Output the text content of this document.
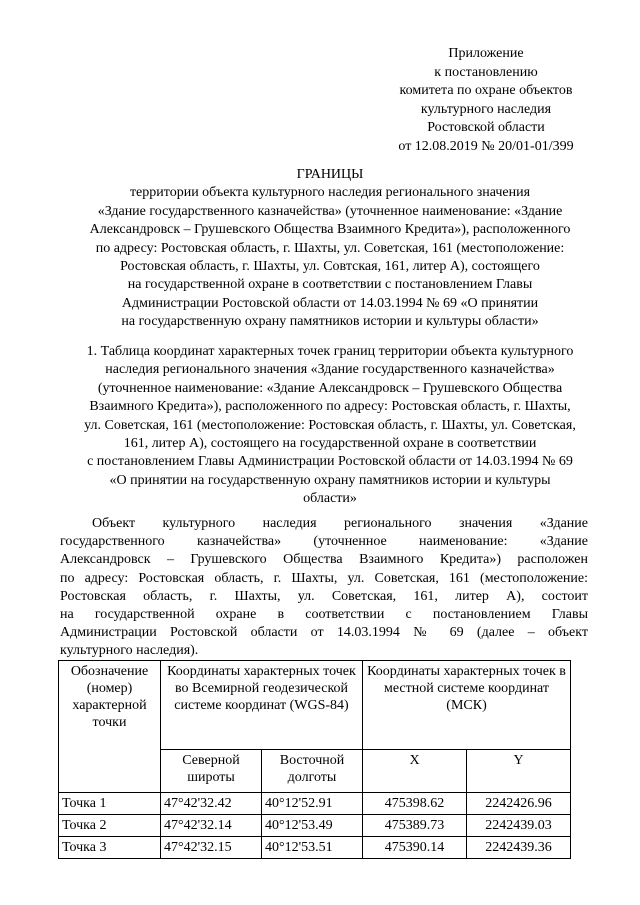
Приложение
к постановлению
комитета по охране объектов
культурного наследия
Ростовской области
от 12.08.2019 № 20/01-01/399
ГРАНИЦЫ
территории объекта культурного наследия регионального значения
«Здание государственного казначейства» (уточненное наименование: «Здание
Александровск – Грушевского Общества Взаимного Кредита»), расположенного
по адресу: Ростовская область, г. Шахты, ул. Советская, 161 (местоположение:
Ростовская область, г. Шахты, ул. Совтская, 161, литер А), состоящего
на государственной охране в соответствии с постановлением Главы
Администрации Ростовской области от 14.03.1994 № 69 «О принятии
на государственную охрану памятников истории и культуры области»
1. Таблица координат характерных точек границ территории объекта культурного
наследия регионального значения «Здание государственного казначейства»
(уточненное наименование: «Здание Александровск – Грушевского Общества
Взаимного Кредита»), расположенного по адресу: Ростовская область, г. Шахты,
ул. Советская, 161 (местоположение: Ростовская область, г. Шахты, ул. Советская,
161, литер А), состоящего на государственной охране в соответствии
с постановлением Главы Администрации Ростовской области от 14.03.1994 № 69
«О принятии на государственную охрану памятников истории и культуры
области»
Объект культурного наследия регионального значения «Здание
государственного казначейства» (уточненное наименование: «Здание
Александровск – Грушевского Общества Взаимного Кредита») расположен
по адресу: Ростовская область, г. Шахты, ул. Советская, 161 (местоположение:
Ростовская область, г. Шахты, ул. Советская, 161, литер А), состоит
на государственной охране в соответствии с постановлением Главы
Администрации Ростовской области от 14.03.1994 № 69 (далее – объект
культурного наследия).
Обозначение (номер) характерной точки	Координаты характерных точек во Всемирной геодезической системе координат (WGS-84)		Координаты характерных точек в местной системе координат (МСК)	
	Северной широты	Восточной долготы	X	Y
Точка 1	47°42'32.42	40°12'52.91	475398.62	2242426.96
Точка 2	47°42'32.14	40°12'53.49	475389.73	2242439.03
Точка 3	47°42'32.15	40°12'53.51	475390.14	2242439.36
